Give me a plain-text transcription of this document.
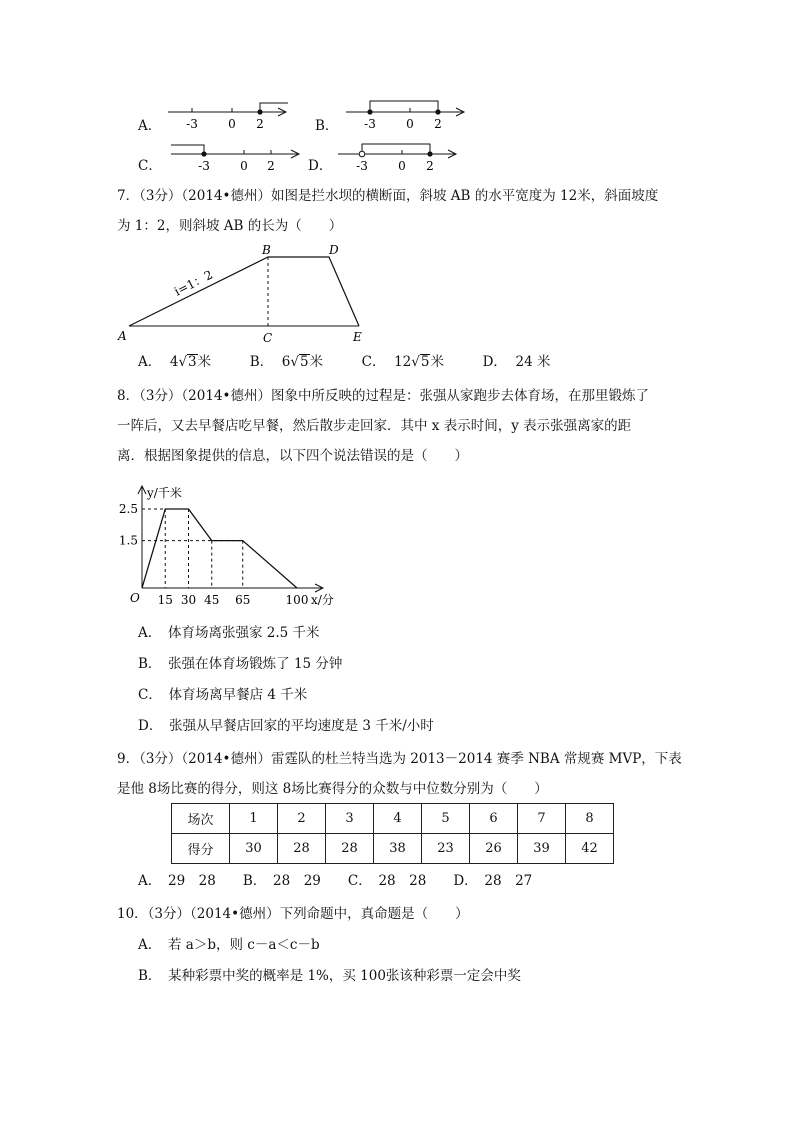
A． -3	0 2	B． -3	0 2
C．	-3	0 2 D． -3	0 2
7．（3分）（2014•德州）如图是拦水坝的横断面，斜坡 AB 的水平宽度为 12米，斜面坡度
为 1：2，则斜坡 AB 的长为（　　）
A
B
C
D
E
i=1：2
A． 4√3米	B． 6√5米	C． 12√5米	D． 24 米
8．（3分）（2014•德州）图象中所反映的过程是：张强从家跑步去体育场，在那里锻炼了
一阵后，又去早餐店吃早餐，然后散步走回家．其中 x 表示时间，y 表示张强离家的距
离．根据图象提供的信息，以下四个说法错误的是（　　）
O
y/千米
x/分
15 30 45 65	100
1.5
2.5
A．　体育场离张强家 2.5 千米
B．　张强在体育场锻炼了 15 分钟
C．　体育场离早餐店 4 千米
D．　张强从早餐店回家的平均速度是 3 千米/小时
9．（3分）（2014•德州）雷霆队的杜兰特当选为 2013－2014 赛季 NBA 常规赛 MVP，下表
是他 8场比赛的得分，则这 8场比赛得分的众数与中位数分别为（　　）
场次	1	2	3	4	5	6	7	8
得分	30	28	28	38	23	26	39	42
A．　29　28　　B．　28　29　　C．　28　28　　D．　28　27
10．（3分）（2014•德州）下列命题中，真命题是（　　）
A．　若 a＞b，则 c－a＜c－b
B．　某种彩票中奖的概率是 1%，买 100张该种彩票一定会中奖
